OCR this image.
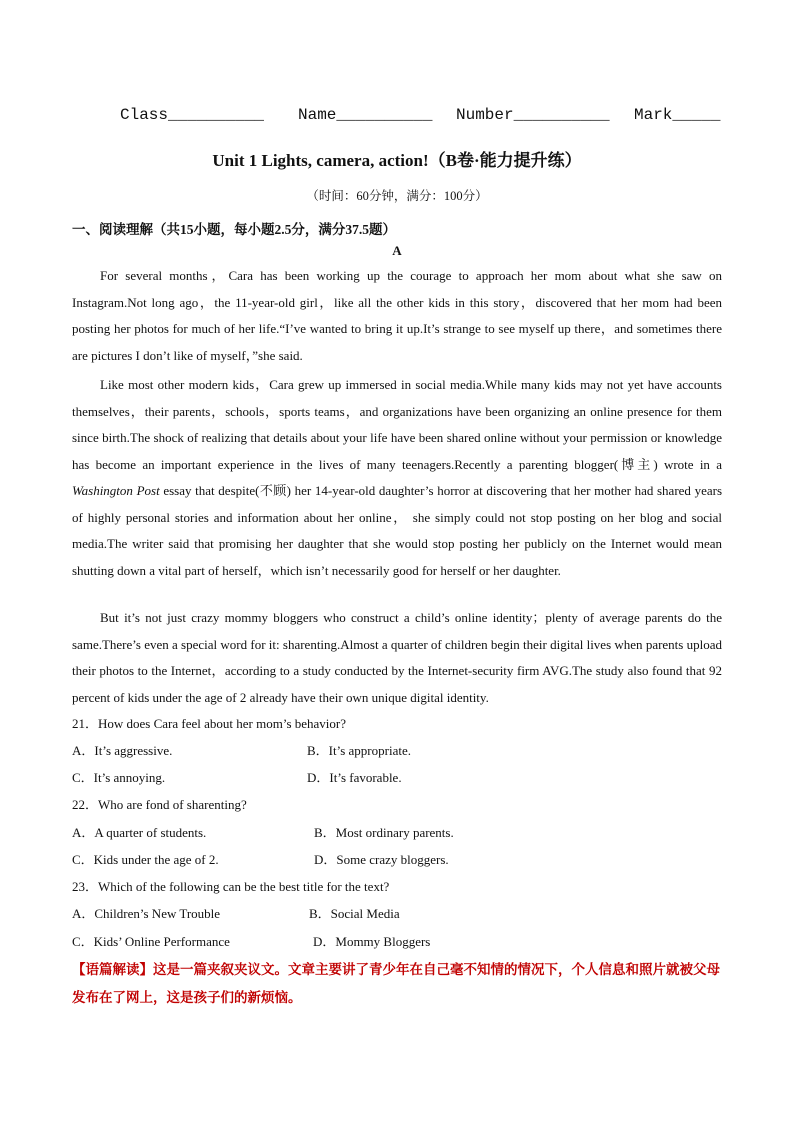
Class__________ Name__________ Number__________ Mark_____
Unit 1 Lights, camera, action!（B卷·能力提升练）
（时间：60分钟，满分：100分）
一、阅读理解（共15小题，每小题2.5分，满分37.5题）
A
For several months，Cara has been working up the courage to approach her mom about what she saw on Instagram.Not long ago，the 11-year-old girl，like all the other kids in this story，discovered that her mom had been posting her photos for much of her life.“I’ve wanted to bring it up.It’s strange to see myself up there，and sometimes there are pictures I don’t like of myself，”she said.
Like most other modern kids，Cara grew up immersed in social media.While many kids may not yet have accounts themselves，their parents，schools，sports teams，and organizations have been organizing an online presence for them since birth.The shock of realizing that details about your life have been shared online without your permission or knowledge has become an important experience in the lives of many teenagers.Recently a parenting blogger(博主) wrote in a Washington Post essay that despite(不顾) her 14-year-old daughter’s horror at discovering that her mother had shared years of highly personal stories and information about her online， she simply could not stop posting on her blog and social media.The writer said that promising her daughter that she would stop posting her publicly on the Internet would mean shutting down a vital part of herself，which isn’t necessarily good for herself or her daughter.
But it’s not just crazy mommy bloggers who construct a child’s online identity；plenty of average parents do the same.There’s even a special word for it: sharenting.Almost a quarter of children begin their digital lives when parents upload their photos to the Internet，according to a study conducted by the Internet-security firm AVG.The study also found that 92 percent of kids under the age of 2 already have their own unique digital identity.
21．How does Cara feel about her mom’s behavior?
A．It’s aggressive.	B．It’s appropriate.
C．It’s annoying.	D．It’s favorable.
22．Who are fond of sharenting?
A．A quarter of students.	B．Most ordinary parents.
C．Kids under the age of 2.	D．Some crazy bloggers.
23．Which of the following can be the best title for the text?
A．Children’s New Trouble	B．Social Media
C．Kids’ Online Performance	D．Mommy Bloggers
【语篇解读】这是一篇夹叙夹议文。文章主要讲了青少年在自己毫不知情的情况下，个人信息和照片就被父母发布在了网上，这是孩子们的新烦恼。
